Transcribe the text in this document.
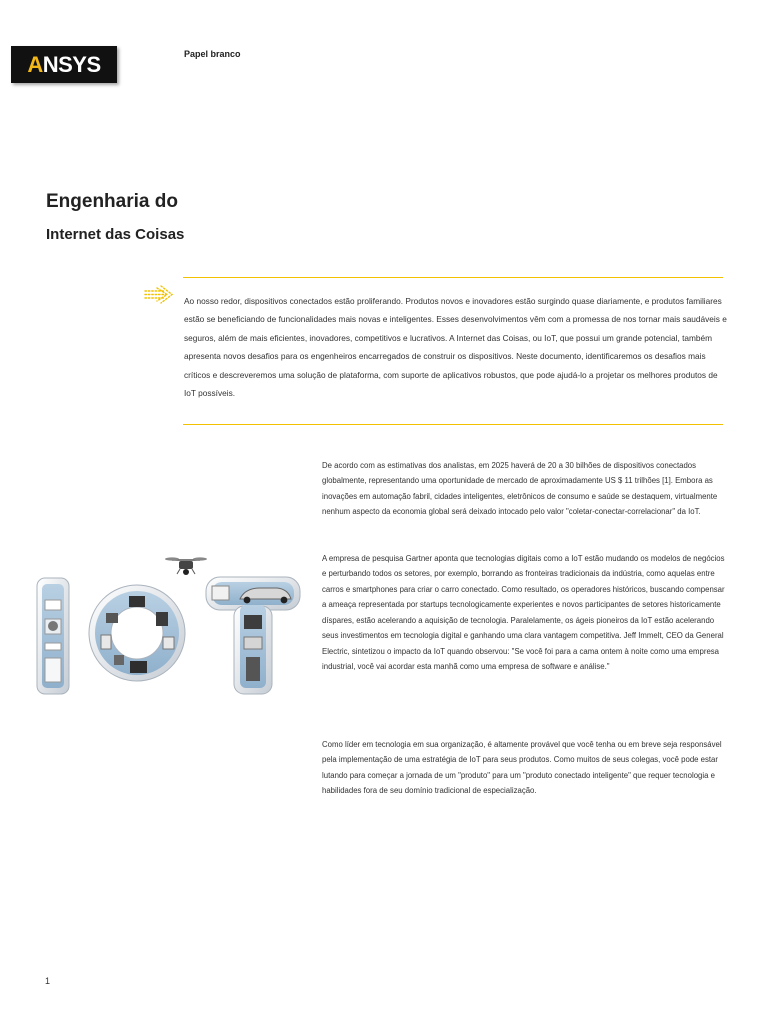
ANSYS	Papel branco
Engenharia do
Internet das Coisas

Ao nosso redor, dispositivos conectados estão proliferando. Produtos novos e inovadores estão surgindo quase diariamente, e produtos familiares estão se beneficiando de funcionalidades mais novas e inteligentes. Esses desenvolvimentos vêm com a promessa de nos tornar mais saudáveis e seguros, além de mais eficientes, inovadores, competitivos e lucrativos. A Internet das Coisas, ou IoT, que possui um grande potencial, também apresenta novos desafios para os engenheiros encarregados de construir os dispositivos. Neste documento, identificaremos os desafios mais críticos e descreveremos uma solução de plataforma, com suporte de aplicativos robustos, que pode ajudá-lo a projetar os melhores produtos de IoT possíveis.

De acordo com as estimativas dos analistas, em 2025 haverá de 20 a 30 bilhões de dispositivos conectados globalmente, representando uma oportunidade de mercado de aproximadamente US $ 11 trilhões [1]. Embora as inovações em automação fabril, cidades inteligentes, eletrônicos de consumo e saúde se destaquem, virtualmente nenhum aspecto da economia global será deixado intocado pelo valor "coletar-conectar-correlacionar" da IoT.

A empresa de pesquisa Gartner aponta que tecnologias digitais como a IoT estão mudando os modelos de negócios e perturbando todos os setores, por exemplo, borrando as fronteiras tradicionais da indústria, como aquelas entre carros e smartphones para criar o carro conectado. Como resultado, os operadores históricos, buscando compensar a ameaça representada por startups tecnologicamente experientes e novos participantes de setores historicamente díspares, estão acelerando a aquisição de tecnologia. Paralelamente, os ágeis pioneiros da IoT estão acelerando seus investimentos em tecnologia digital e ganhando uma clara vantagem competitiva. Jeff Immelt, CEO da General Electric, sintetizou o impacto da IoT quando observou: "Se você foi para a cama ontem à noite como uma empresa industrial, você vai acordar esta manhã como uma empresa de software e análise."

Como líder em tecnologia em sua organização, é altamente provável que você tenha ou em breve seja responsável pela implementação de uma estratégia de IoT para seus produtos. Como muitos de seus colegas, você pode estar lutando para começar a jornada de um "produto" para um "produto conectado inteligente" que requer tecnologia e habilidades fora de seu domínio tradicional de especialização.

1
